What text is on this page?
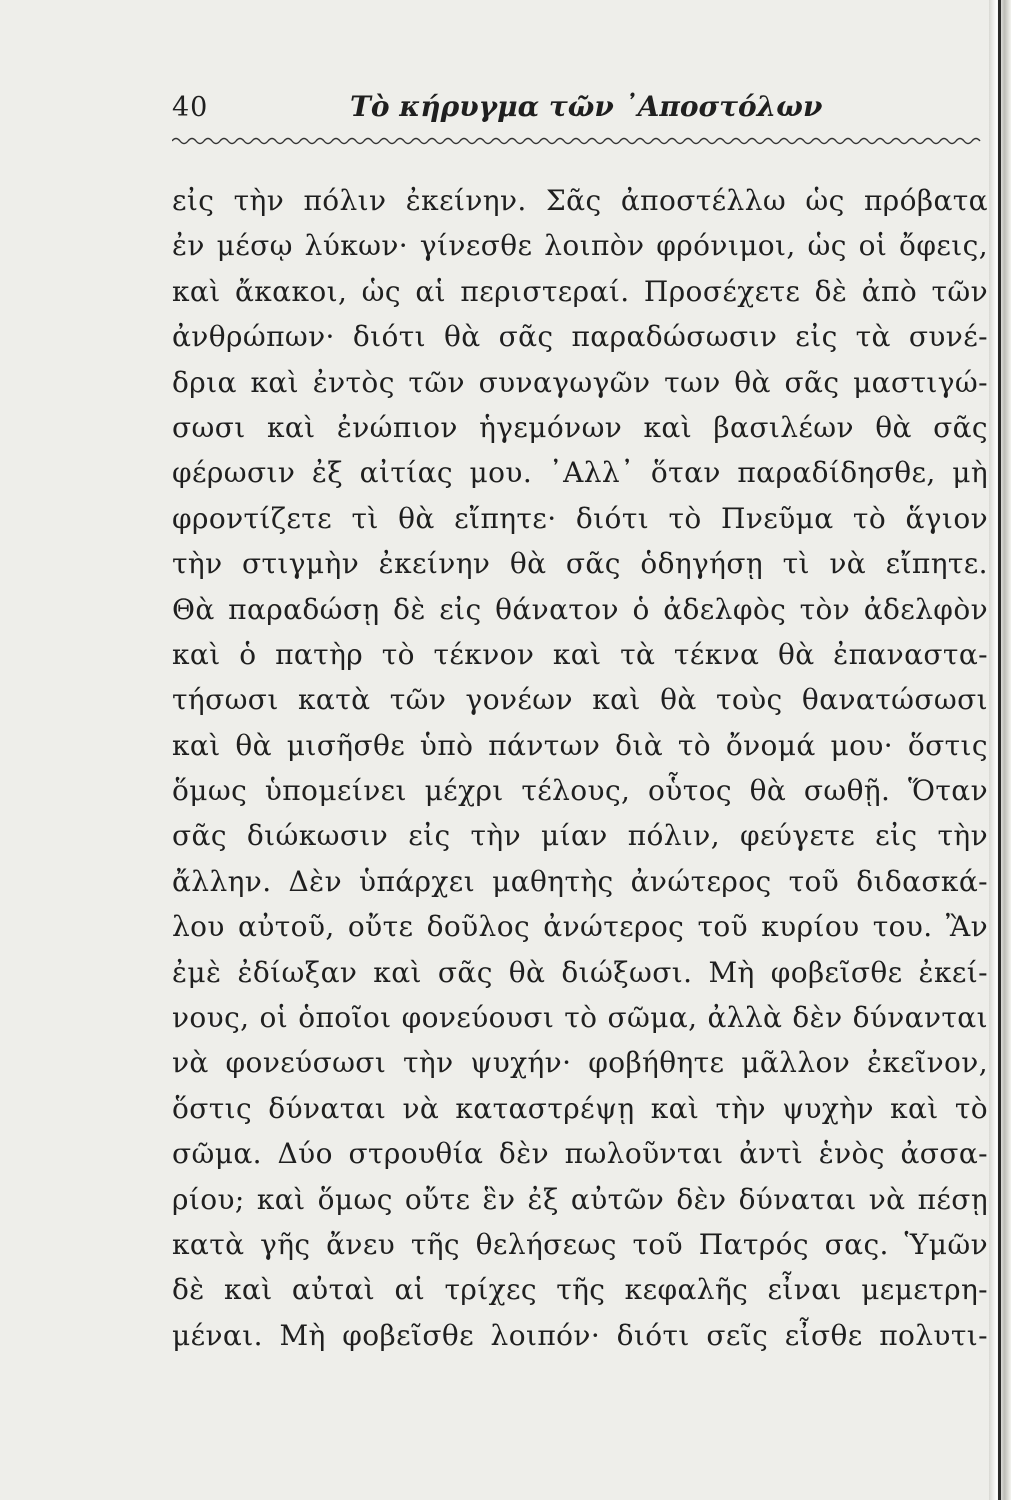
40	Τὸ κήρυγμα τῶν ᾿Αποστόλων
εἰς τὴν πόλιν ἐκείνην. Σᾶς ἀποστέλλω ὡς πρόβατα
ἐν μέσῳ λύκων· γίνεσθε λοιπὸν φρόνιμοι, ὡς οἱ ὄφεις,
καὶ ἄκακοι, ὡς αἱ περιστεραί. Προσέχετε δὲ ἀπὸ τῶν
ἀνθρώπων· διότι θὰ σᾶς παραδώσωσιν εἰς τὰ συνέ-
δρια καὶ ἐντὸς τῶν συναγωγῶν των θὰ σᾶς μαστιγώ-
σωσι καὶ ἐνώπιον ἡγεμόνων καὶ βασιλέων θὰ σᾶς
φέρωσιν ἐξ αἰτίας μου. ᾿Αλλ᾽ ὅταν παραδίδησθε, μὴ
φροντίζετε τὶ θὰ εἴπητε· διότι τὸ Πνεῦμα τὸ ἅγιον
τὴν στιγμὴν ἐκείνην θὰ σᾶς ὁδηγήσῃ τὶ νὰ εἴπητε.
Θὰ παραδώσῃ δὲ εἰς θάνατον ὁ ἀδελφὸς τὸν ἀδελφὸν
καὶ ὁ πατὴρ τὸ τέκνον καὶ τὰ τέκνα θὰ ἐπαναστα-
τήσωσι κατὰ τῶν γονέων καὶ θὰ τοὺς θανατώσωσι
καὶ θὰ μισῆσθε ὑπὸ πάντων διὰ τὸ ὄνομά μου· ὅστις
ὅμως ὑπομείνει μέχρι τέλους, οὗτος θὰ σωθῇ. Ὅταν
σᾶς διώκωσιν εἰς τὴν μίαν πόλιν, φεύγετε εἰς τὴν
ἄλλην. Δὲν ὑπάρχει μαθητὴς ἀνώτερος τοῦ διδασκά-
λου αὐτοῦ, οὔτε δοῦλος ἀνώτερος τοῦ κυρίου του. Ἂν
ἐμὲ ἐδίωξαν καὶ σᾶς θὰ διώξωσι. Μὴ φοβεῖσθε ἐκεί-
νους, οἱ ὁποῖοι φονεύουσι τὸ σῶμα, ἀλλὰ δὲν δύνανται
νὰ φονεύσωσι τὴν ψυχήν· φοβήθητε μᾶλλον ἐκεῖνον,
ὅστις δύναται νὰ καταστρέψῃ καὶ τὴν ψυχὴν καὶ τὸ
σῶμα. Δύο στρουθία δὲν πωλοῦνται ἀντὶ ἑνὸς ἀσσα-
ρίου; καὶ ὅμως οὔτε ἓν ἐξ αὐτῶν δὲν δύναται νὰ πέσῃ
κατὰ γῆς ἄνευ τῆς θελήσεως τοῦ Πατρός σας. Ὑμῶν
δὲ καὶ αὐταὶ αἱ τρίχες τῆς κεφαλῆς εἶναι μεμετρη-
μέναι. Μὴ φοβεῖσθε λοιπόν· διότι σεῖς εἶσθε πολυτι-
